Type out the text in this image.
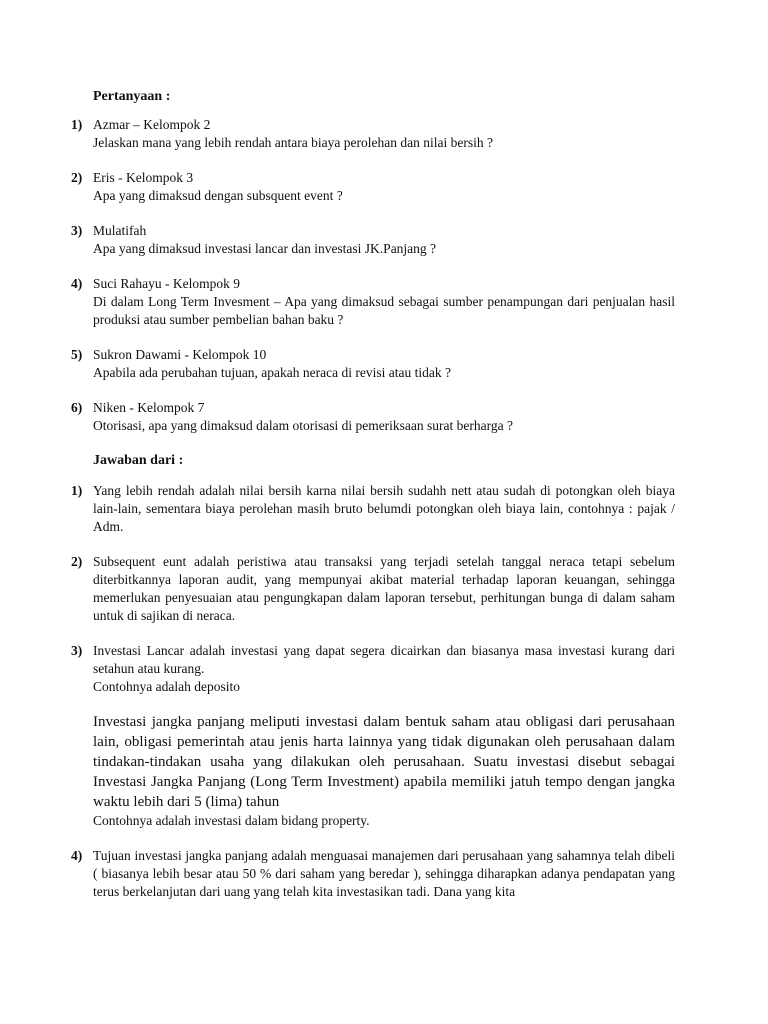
Pertanyaan :
1) Azmar – Kelompok 2
Jelaskan mana yang lebih rendah antara biaya perolehan dan nilai bersih ?
2) Eris - Kelompok 3
Apa yang dimaksud dengan subsquent event ?
3) Mulatifah
Apa yang dimaksud investasi lancar dan investasi JK.Panjang ?
4) Suci Rahayu - Kelompok 9
Di dalam Long Term Invesment – Apa yang dimaksud sebagai sumber penampungan dari penjualan hasil produksi atau sumber pembelian bahan baku ?
5) Sukron Dawami - Kelompok 10
Apabila ada perubahan tujuan, apakah neraca di revisi atau tidak ?
6) Niken - Kelompok 7
Otorisasi, apa yang dimaksud dalam otorisasi di pemeriksaan surat berharga ?
Jawaban dari :
1) Yang lebih rendah adalah nilai bersih karna nilai bersih sudahh nett atau sudah di potongkan oleh biaya lain-lain, sementara biaya perolehan masih bruto belumdi potongkan oleh biaya lain, contohnya : pajak / Adm.
2) Subsequent eunt adalah peristiwa atau transaksi yang terjadi setelah tanggal neraca tetapi sebelum diterbitkannya laporan audit, yang mempunyai akibat material terhadap laporan keuangan, sehingga memerlukan penyesuaian atau pengungkapan dalam laporan tersebut, perhitungan bunga di dalam saham untuk di sajikan di neraca.
3) Investasi Lancar adalah investasi yang dapat segera dicairkan dan biasanya masa investasi kurang dari setahun atau kurang.
Contohnya adalah deposito
Investasi jangka panjang meliputi investasi dalam bentuk saham atau obligasi dari perusahaan lain, obligasi pemerintah atau jenis harta lainnya yang tidak digunakan oleh perusahaan dalam tindakan-tindakan usaha yang dilakukan oleh perusahaan. Suatu investasi disebut sebagai Investasi Jangka Panjang (Long Term Investment) apabila memiliki jatuh tempo dengan jangka waktu lebih dari 5 (lima) tahun
Contohnya adalah investasi dalam bidang property.
4) Tujuan investasi jangka panjang adalah menguasai manajemen dari perusahaan yang sahamnya telah dibeli ( biasanya lebih besar atau 50 % dari saham yang beredar ), sehingga diharapkan adanya pendapatan yang terus berkelanjutan dari uang yang telah kita investasikan tadi. Dana yang kita
